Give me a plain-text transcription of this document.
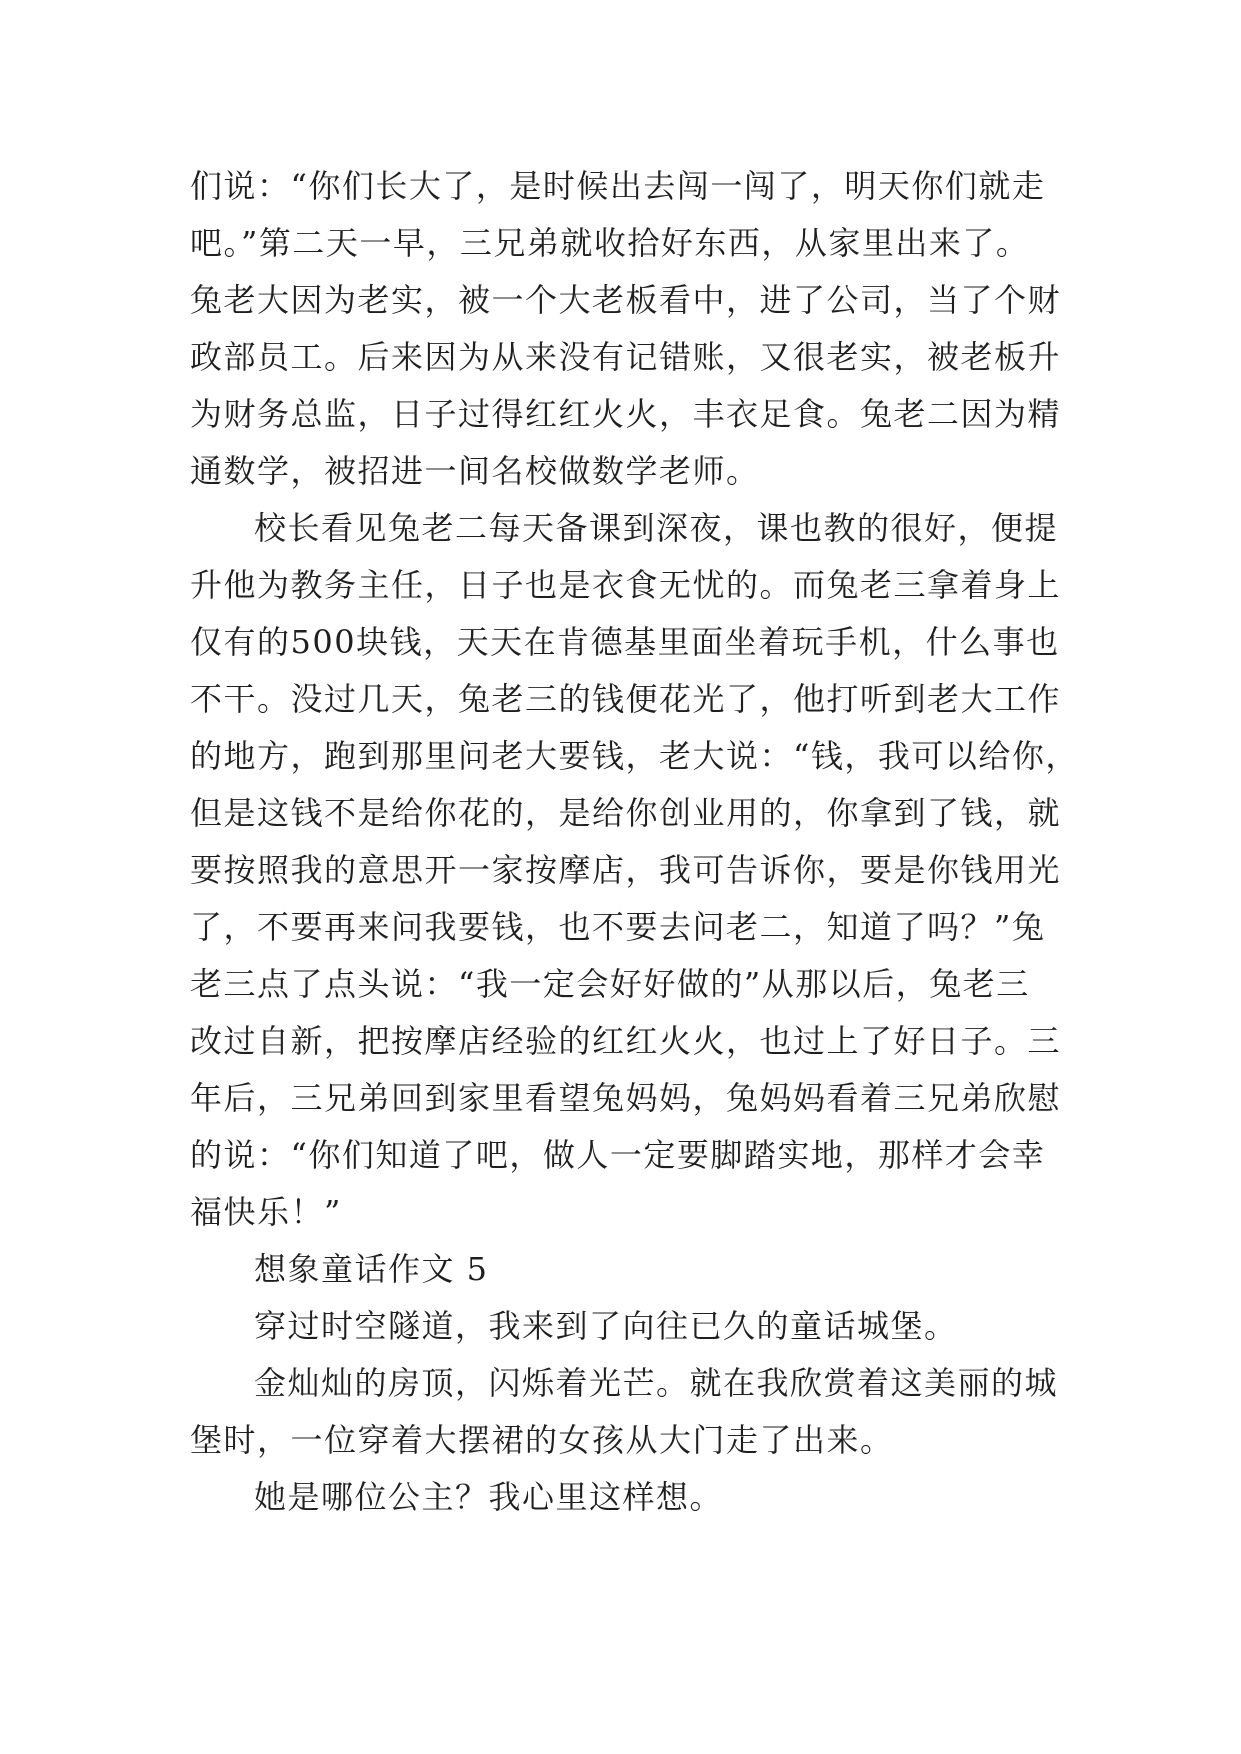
们说：“你们长大了，是时候出去闯一闯了，明天你们就走
吧。”第二天一早，三兄弟就收拾好东西，从家里出来了。
兔老大因为老实，被一个大老板看中，进了公司，当了个财
政部员工。后来因为从来没有记错账，又很老实，被老板升
为财务总监，日子过得红红火火，丰衣足食。兔老二因为精
通数学，被招进一间名校做数学老师。
校长看见兔老二每天备课到深夜，课也教的很好，便提
升他为教务主任，日子也是衣食无忧的。而兔老三拿着身上
仅有的500块钱，天天在肯德基里面坐着玩手机，什么事也
不干。没过几天，兔老三的钱便花光了，他打听到老大工作
的地方，跑到那里问老大要钱，老大说：“钱，我可以给你，
但是这钱不是给你花的，是给你创业用的，你拿到了钱，就
要按照我的意思开一家按摩店，我可告诉你，要是你钱用光
了，不要再来问我要钱，也不要去问老二，知道了吗？”兔
老三点了点头说：“我一定会好好做的”从那以后，兔老三
改过自新，把按摩店经验的红红火火，也过上了好日子。三
年后，三兄弟回到家里看望兔妈妈，兔妈妈看着三兄弟欣慰
的说：“你们知道了吧，做人一定要脚踏实地，那样才会幸
福快乐！”
想象童话作文 5
穿过时空隧道，我来到了向往已久的童话城堡。
金灿灿的房顶，闪烁着光芒。就在我欣赏着这美丽的城
堡时，一位穿着大摆裙的女孩从大门走了出来。
她是哪位公主？我心里这样想。
